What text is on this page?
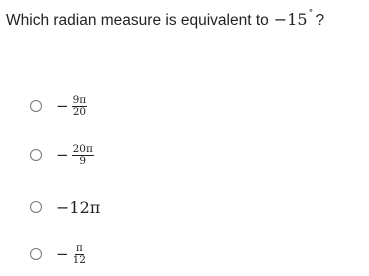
Which radian measure is equivalent to −15˚ ?
− $\frac{9\pi}{20}$
− $\frac{20\pi}{9}$
−12π
− $\frac{\pi}{12}$
